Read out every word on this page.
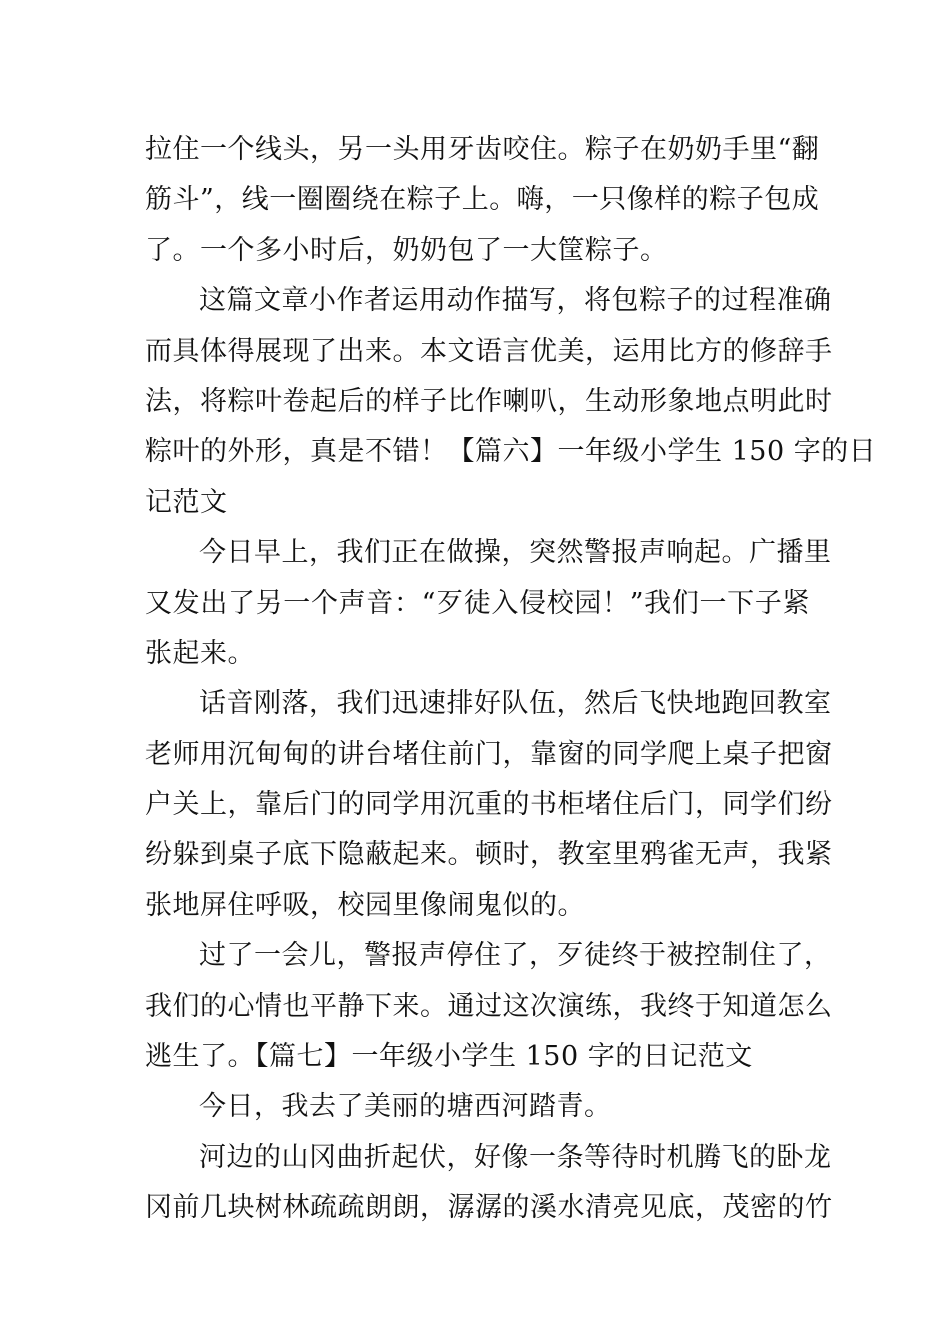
拉住一个线头，另一头用牙齿咬住。粽子在奶奶手里“翻
筋斗”，线一圈圈绕在粽子上。嗨，一只像样的粽子包成
了。一个多小时后，奶奶包了一大筐粽子。
这篇文章小作者运用动作描写，将包粽子的过程准确
而具体得展现了出来。本文语言优美，运用比方的修辞手
法，将粽叶卷起后的样子比作喇叭，生动形象地点明此时
粽叶的外形，真是不错！【篇六】一年级小学生 150 字的日
记范文
今日早上，我们正在做操，突然警报声响起。广播里
又发出了另一个声音：“歹徒入侵校园！”我们一下子紧
张起来。
话音刚落，我们迅速排好队伍，然后飞快地跑回教室
老师用沉甸甸的讲台堵住前门，靠窗的同学爬上桌子把窗
户关上，靠后门的同学用沉重的书柜堵住后门，同学们纷
纷躲到桌子底下隐蔽起来。顿时，教室里鸦雀无声，我紧
张地屏住呼吸，校园里像闹鬼似的。
过了一会儿，警报声停住了，歹徒终于被控制住了，
我们的心情也平静下来。通过这次演练，我终于知道怎么
逃生了。【篇七】一年级小学生 150 字的日记范文
今日，我去了美丽的塘西河踏青。
河边的山冈曲折起伏，好像一条等待时机腾飞的卧龙
冈前几块树林疏疏朗朗，潺潺的溪水清亮见底，茂密的竹
